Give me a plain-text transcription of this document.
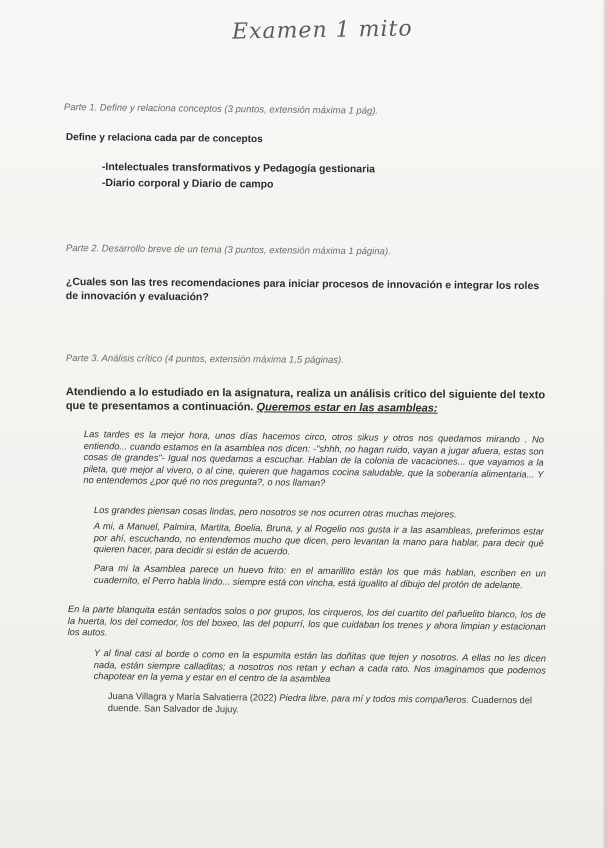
Examen 1 mito
Parte 1. Define y relaciona conceptos (3 puntos, extensión máxima 1 pág).
Define y relaciona cada par de conceptos
-Intelectuales transformativos y Pedagogía gestionaria
-Diario corporal y Diario de campo
Parte 2. Desarrollo breve de un tema (3 puntos, extensión máxima 1 página).
¿Cuales son las tres recomendaciones para iniciar procesos de innovación e integrar los roles de innovación y evaluación?
Parte 3. Análisis crítico (4 puntos, extensión máxima 1,5 páginas).
Atendiendo a lo estudiado en la asignatura, realiza un análisis crítico del siguiente del texto que te presentamos a continuación. Queremos estar en las asambleas:
Las tardes es la mejor hora, unos días hacemos circo, otros sikus y otros nos quedamos mirando . No entiendo... cuando estamos en la asamblea nos dicen: -"shhh, no hagan ruido, vayan a jugar afuera, estas son cosas de grandes"- Igual nos quedamos a escuchar. Hablan de la colonia de vacaciones... que vayamos a la pileta, que mejor al vivero, o al cine, quieren que hagamos cocina saludable, que la soberanía alimentaria... Y no entendemos ¿por qué no nos pregunta?, o nos llaman?
Los grandes piensan cosas lindas, pero nosotros se nos ocurren otras muchas mejores.
A mi, a Manuel, Palmira, Martita, Boelia, Bruna, y al Rogelio nos gusta ir a las asambleas, preferimos estar por ahí, escuchando, no entendemos mucho que dicen, pero levantan la mano para hablar, para decir qué quieren hacer, para decidir si están de acuerdo.
Para mi la Asamblea parece un huevo frito: en el amarillito están los que más hablan, escriben en un cuadernito, el Perro habla lindo... siempre está con vincha, está igualito al dibujo del protón de adelante.
En la parte blanquita están sentados solos o por grupos, los cirqueros, los del cuartito del pañuelito blanco, los de la huerta, los del comedor, los del boxeo, las del popurrí, los que cuidaban los trenes y ahora limpian y estacionan los autos.
Y al final casi al borde o como en la espumita están las doñitas que tejen y nosotros. A ellas no les dicen nada, están siempre calladitas; a nosotros nos retan y echan a cada rato. Nos imaginamos que podemos chapotear en la yema y estar en el centro de la asamblea
Juana Villagra y María Salvatierra (2022) Piedra libre, para mí y todos mis compañeros. Cuadernos del duende. San Salvador de Jujuy.
